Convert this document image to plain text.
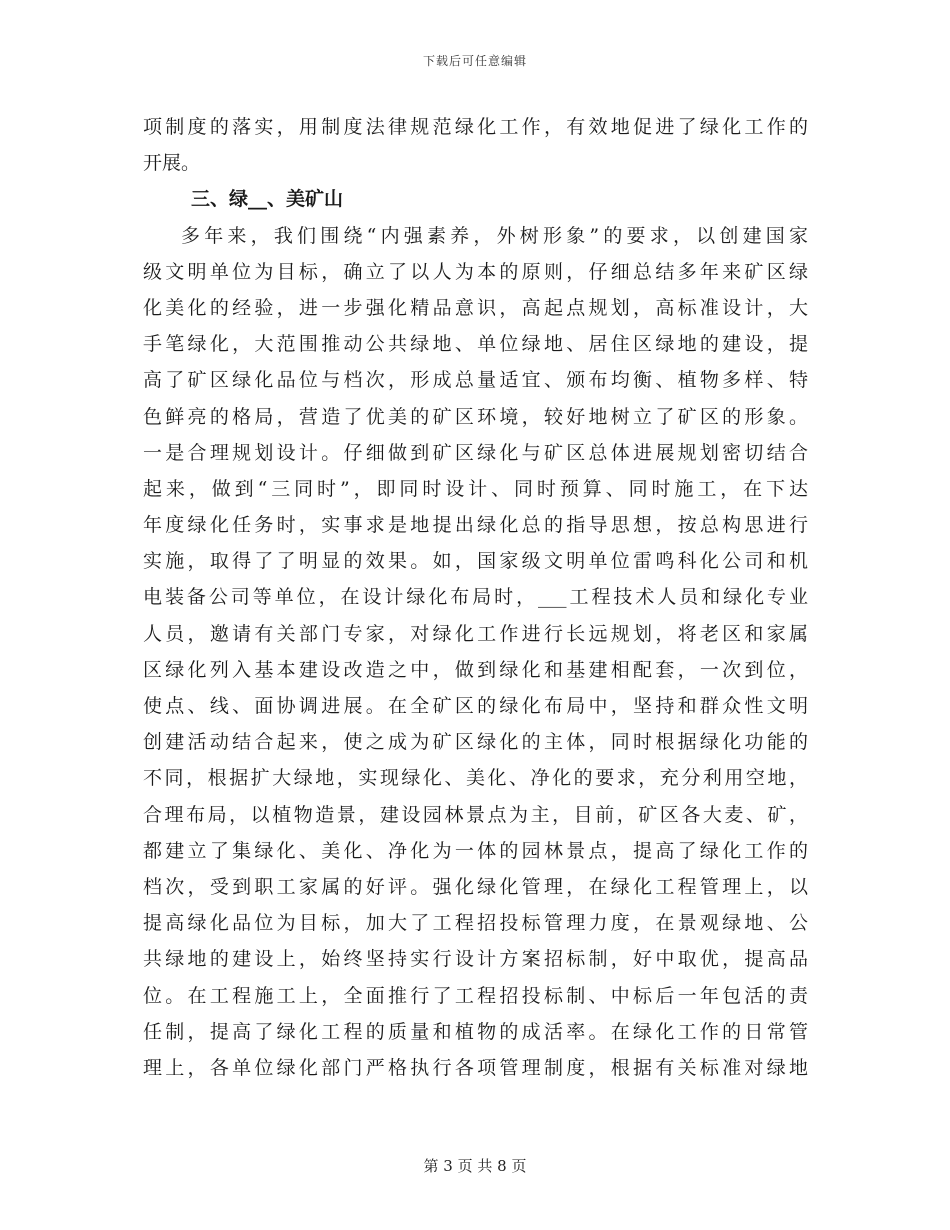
下载后可任意编辑
项制度的落实，用制度法律规范绿化工作，有效地促进了绿化工作的
开展。
三、绿__、美矿山
多年来，我们围绕“内强素养，外树形象”的要求，以创建国家
级文明单位为目标，确立了以人为本的原则，仔细总结多年来矿区绿
化美化的经验，进一步强化精品意识，高起点规划，高标准设计，大
手笔绿化，大范围推动公共绿地、单位绿地、居住区绿地的建设，提
高了矿区绿化品位与档次，形成总量适宜、颁布均衡、植物多样、特
色鲜亮的格局，营造了优美的矿区环境，较好地树立了矿区的形象。
一是合理规划设计。仔细做到矿区绿化与矿区总体进展规划密切结合
起来，做到“三同时”，即同时设计、同时预算、同时施工，在下达
年度绿化任务时，实事求是地提出绿化总的指导思想，按总构思进行
实施，取得了了明显的效果。如，国家级文明单位雷鸣科化公司和机
电装备公司等单位，在设计绿化布局时，___工程技术人员和绿化专业
人员，邀请有关部门专家，对绿化工作进行长远规划，将老区和家属
区绿化列入基本建设改造之中，做到绿化和基建相配套，一次到位，
使点、线、面协调进展。在全矿区的绿化布局中，坚持和群众性文明
创建活动结合起来，使之成为矿区绿化的主体，同时根据绿化功能的
不同，根据扩大绿地，实现绿化、美化、净化的要求，充分利用空地，
合理布局，以植物造景，建设园林景点为主，目前，矿区各大麦、矿，
都建立了集绿化、美化、净化为一体的园林景点，提高了绿化工作的
档次，受到职工家属的好评。强化绿化管理，在绿化工程管理上，以
提高绿化品位为目标，加大了工程招投标管理力度，在景观绿地、公
共绿地的建设上，始终坚持实行设计方案招标制，好中取优，提高品
位。在工程施工上，全面推行了工程招投标制、中标后一年包活的责
任制，提高了绿化工程的质量和植物的成活率。在绿化工作的日常管
理上，各单位绿化部门严格执行各项管理制度，根据有关标准对绿地
第 3 页 共 8 页
